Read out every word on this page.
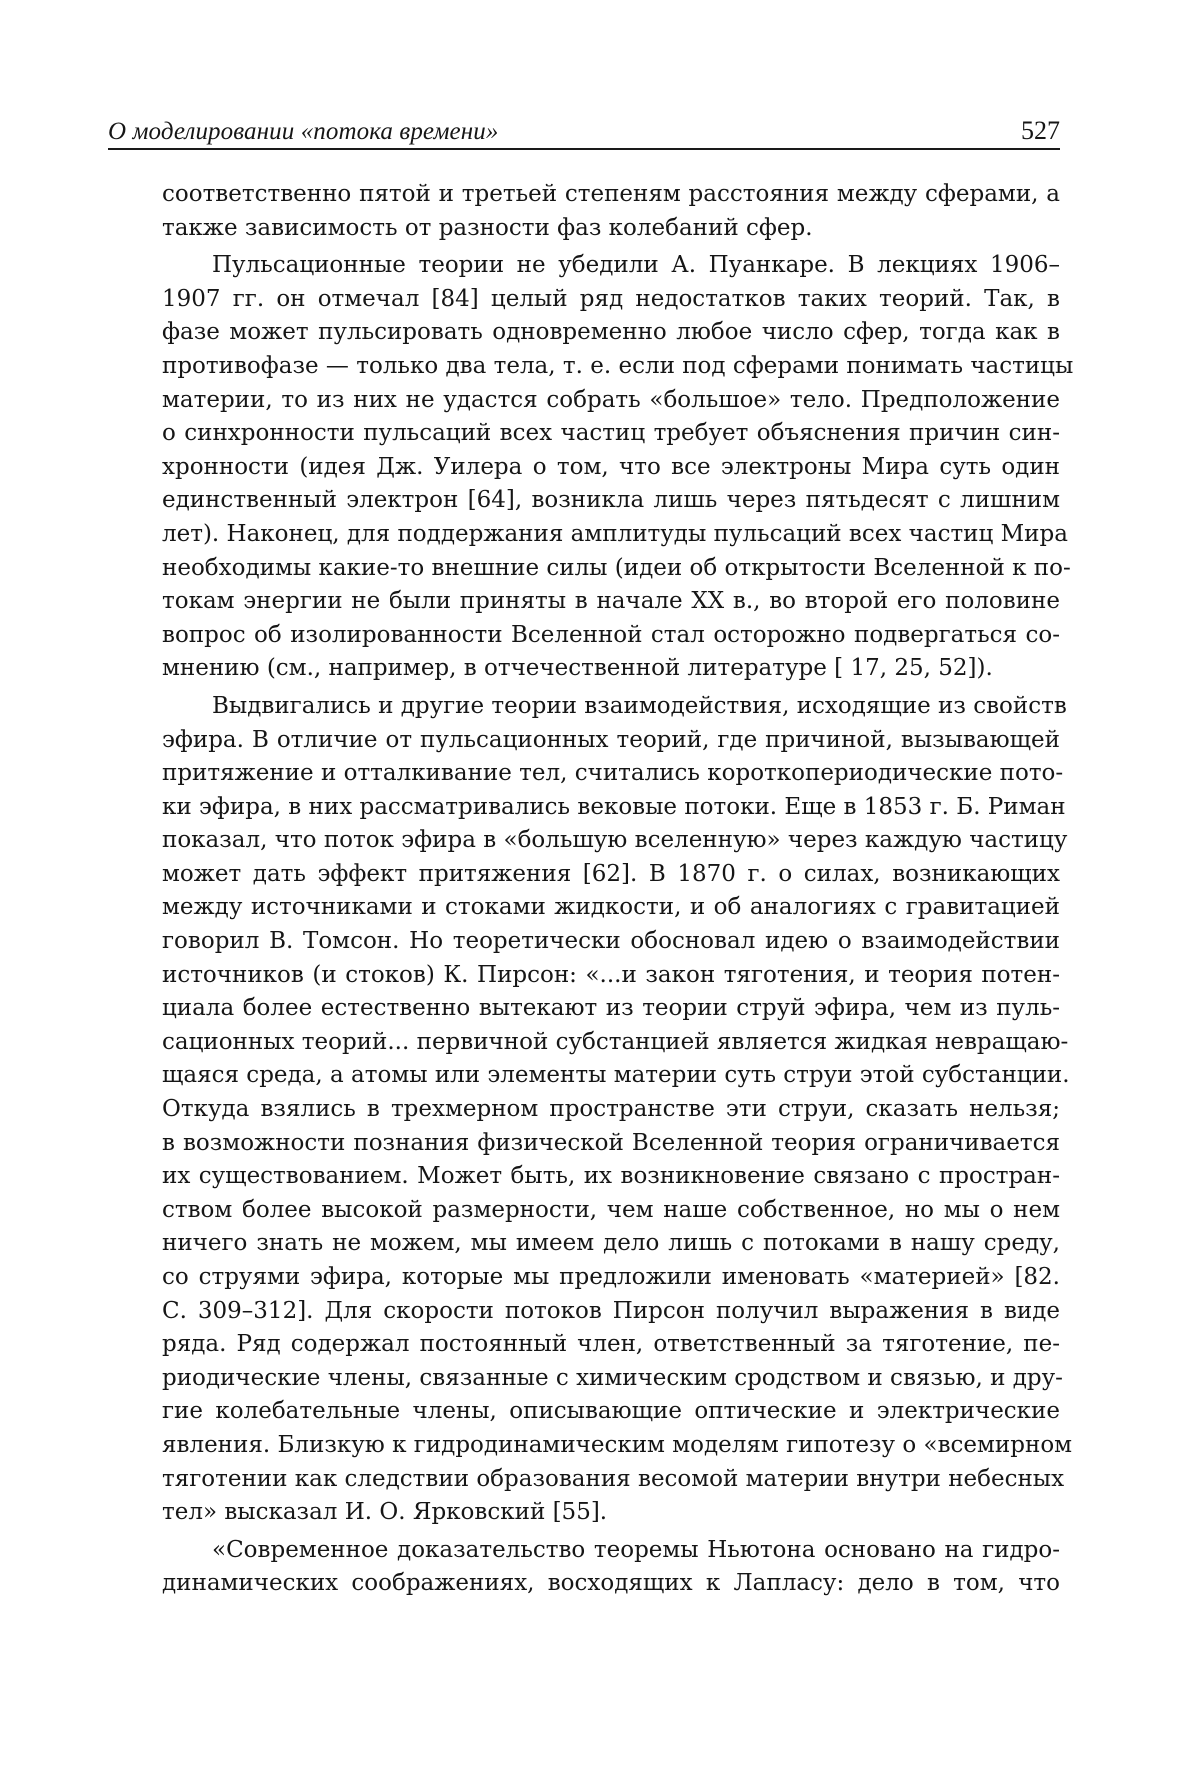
О моделировании «потока времени»	527
соответственно пятой и третьей степеням расстояния между сферами, а
также зависимость от разности фаз колебаний сфер.
Пульсационные теории не убедили А. Пуанкаре. В лекциях 1906–
1907 гг. он отмечал [84] целый ряд недостатков таких теорий. Так, в
фазе может пульсировать одновременно любое число сфер, тогда как в
противофазе — только два тела, т. е. если под сферами понимать частицы
материи, то из них не удастся собрать «большое» тело. Предположение
о синхронности пульсаций всех частиц требует объяснения причин син-
хронности (идея Дж. Уилера о том, что все электроны Мира суть один
единственный электрон [64], возникла лишь через пятьдесят с лишним
лет). Наконец, для поддержания амплитуды пульсаций всех частиц Мира
необходимы какие-то внешние силы (идеи об открытости Вселенной к по-
токам энергии не были приняты в начале XX в., во второй его половине
вопрос об изолированности Вселенной стал осторожно подвергаться со-
мнению (см., например, в отчечественной литературе [ 17, 25, 52]).
Выдвигались и другие теории взаимодействия, исходящие из свойств
эфира. В отличие от пульсационных теорий, где причиной, вызывающей
притяжение и отталкивание тел, считались короткопериодические пото-
ки эфира, в них рассматривались вековые потоки. Еще в 1853 г. Б. Риман
показал, что поток эфира в «большую вселенную» через каждую частицу
может дать эффект притяжения [62]. В 1870 г. о силах, возникающих
между источниками и стоками жидкости, и об аналогиях с гравитацией
говорил В. Томсон. Но теоретически обосновал идею о взаимодействии
источников (и стоков) К. Пирсон: «...и закон тяготения, и теория потен-
циала более естественно вытекают из теории струй эфира, чем из пуль-
сационных теорий... первичной субстанцией является жидкая невращаю-
щаяся среда, а атомы или элементы материи суть струи этой субстанции.
Откуда взялись в трехмерном пространстве эти струи, сказать нельзя;
в возможности познания физической Вселенной теория ограничивается
их существованием. Может быть, их возникновение связано с простран-
ством более высокой размерности, чем наше собственное, но мы о нем
ничего знать не можем, мы имеем дело лишь с потоками в нашу среду,
со струями эфира, которые мы предложили именовать «материей» [82.
С. 309–312]. Для скорости потоков Пирсон получил выражения в виде
ряда. Ряд содержал постоянный член, ответственный за тяготение, пе-
риодические члены, связанные с химическим сродством и связью, и дру-
гие колебательные члены, описывающие оптические и электрические
явления. Близкую к гидродинамическим моделям гипотезу о «всемирном
тяготении как следствии образования весомой материи внутри небесных
тел» высказал И. О. Ярковский [55].
«Современное доказательство теоремы Ньютона основано на гидро-
динамических соображениях, восходящих к Лапласу: дело в том, что
